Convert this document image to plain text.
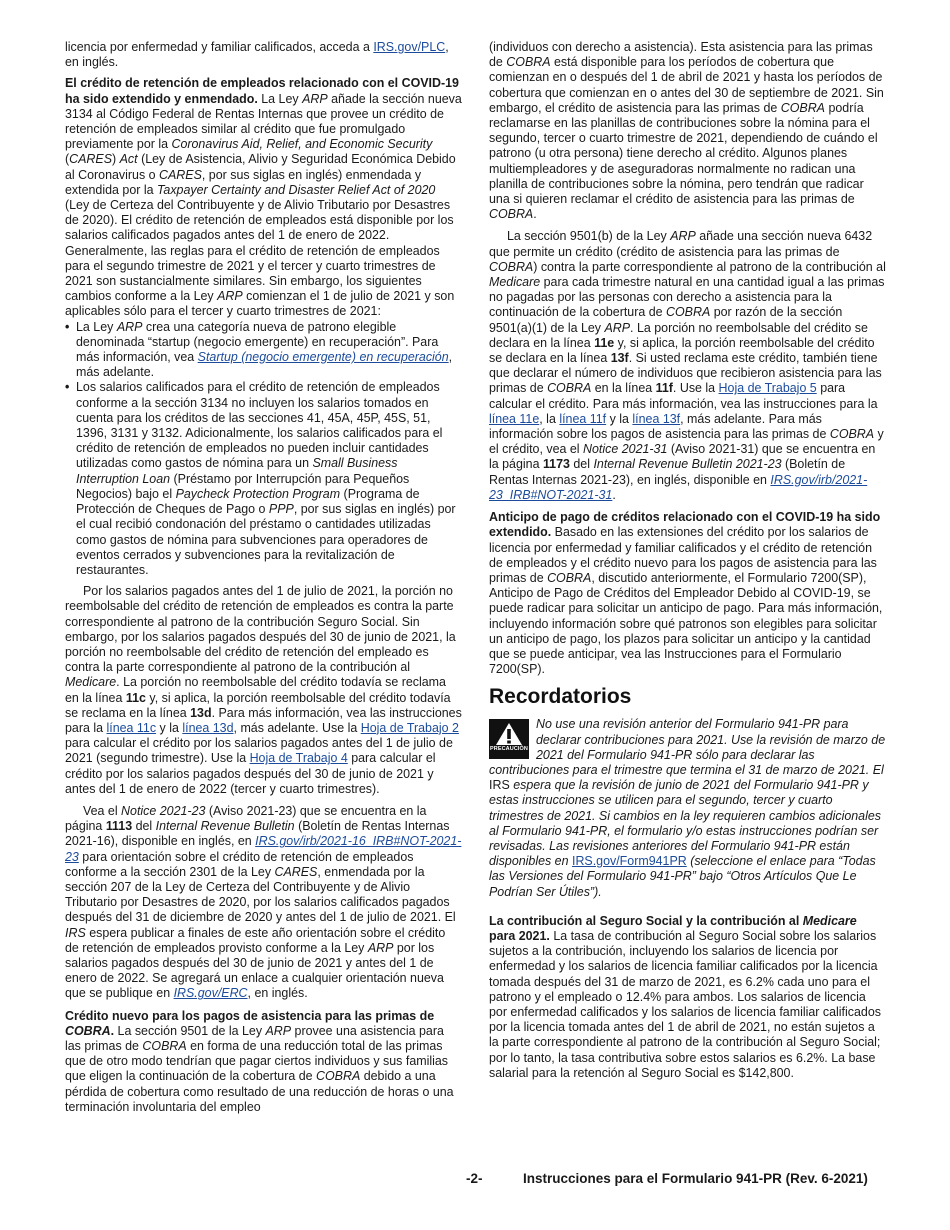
licencia por enfermedad y familiar calificados, acceda a IRS.gov/PLC, en inglés.

El crédito de retención de empleados relacionado con el COVID-19 ha sido extendido y enmendado. La Ley ARP añade la sección nueva 3134 al Código Federal de Rentas Internas que provee un crédito de retención de empleados similar al crédito que fue promulgado previamente por la Coronavirus Aid, Relief, and Economic Security (CARES) Act (Ley de Asistencia, Alivio y Seguridad Económica Debido al Coronavirus o CARES, por sus siglas en inglés) enmendada y extendida por la Taxpayer Certainty and Disaster Relief Act of 2020 (Ley de Certeza del Contribuyente y de Alivio Tributario por Desastres de 2020). El crédito de retención de empleados está disponible por los salarios calificados pagados antes del 1 de enero de 2022. Generalmente, las reglas para el crédito de retención de empleados para el segundo trimestre de 2021 y el tercer y cuarto trimestres de 2021 son sustancialmente similares. Sin embargo, los siguientes cambios conforme a la Ley ARP comienzan el 1 de julio de 2021 y son aplicables sólo para el tercer y cuarto trimestres de 2021:

• La Ley ARP crea una categoría nueva de patrono elegible denominada “startup (negocio emergente) en recuperación”. Para más información, vea Startup (negocio emergente) en recuperación, más adelante.
• Los salarios calificados para el crédito de retención de empleados conforme a la sección 3134 no incluyen los salarios tomados en cuenta para los créditos de las secciones 41, 45A, 45P, 45S, 51, 1396, 3131 y 3132. Adicionalmente, los salarios calificados para el crédito de retención de empleados no pueden incluir cantidades utilizadas como gastos de nómina para un Small Business Interruption Loan (Préstamo por Interrupción para Pequeños Negocios) bajo el Paycheck Protection Program (Programa de Protección de Cheques de Pago o PPP, por sus siglas en inglés) por el cual recibió condonación del préstamo o cantidades utilizadas como gastos de nómina para subvenciones para operadores de eventos cerrados y subvenciones para la revitalización de restaurantes.

Por los salarios pagados antes del 1 de julio de 2021, la porción no reembolsable del crédito de retención de empleados es contra la parte correspondiente al patrono de la contribución Seguro Social. Sin embargo, por los salarios pagados después del 30 de junio de 2021, la porción no reembolsable del crédito de retención del empleado es contra la parte correspondiente al patrono de la contribución al Medicare. La porción no reembolsable del crédito todavía se reclama en la línea 11c y, si aplica, la porción reembolsable del crédito todavía se reclama en la línea 13d. Para más información, vea las instrucciones para la línea 11c y la línea 13d, más adelante. Use la Hoja de Trabajo 2 para calcular el crédito por los salarios pagados antes del 1 de julio de 2021 (segundo trimestre). Use la Hoja de Trabajo 4 para calcular el crédito por los salarios pagados después del 30 de junio de 2021 y antes del 1 de enero de 2022 (tercer y cuarto trimestres).

Vea el Notice 2021-23 (Aviso 2021-23) que se encuentra en la página 1113 del Internal Revenue Bulletin (Boletín de Rentas Internas 2021-16), disponible en inglés, en IRS.gov/irb/2021-16_IRB#NOT-2021-23 para orientación sobre el crédito de retención de empleados conforme a la sección 2301 de la Ley CARES, enmendada por la sección 207 de la Ley de Certeza del Contribuyente y de Alivio Tributario por Desastres de 2020, por los salarios calificados pagados después del 31 de diciembre de 2020 y antes del 1 de julio de 2021. El IRS espera publicar a finales de este año orientación sobre el crédito de retención de empleados provisto conforme a la Ley ARP por los salarios pagados después del 30 de junio de 2021 y antes del 1 de enero de 2022. Se agregará un enlace a cualquier orientación nueva que se publique en IRS.gov/ERC, en inglés.

Crédito nuevo para los pagos de asistencia para las primas de COBRA. La sección 9501 de la Ley ARP provee una asistencia para las primas de COBRA en forma de una reducción total de las primas que de otro modo tendrían que pagar ciertos individuos y sus familias que eligen la continuación de la cobertura de COBRA debido a una pérdida de cobertura como resultado de una reducción de horas o una terminación involuntaria del empleo

(individuos con derecho a asistencia). Esta asistencia para las primas de COBRA está disponible para los períodos de cobertura que comienzan en o después del 1 de abril de 2021 y hasta los períodos de cobertura que comienzan en o antes del 30 de septiembre de 2021. Sin embargo, el crédito de asistencia para las primas de COBRA podría reclamarse en las planillas de contribuciones sobre la nómina para el segundo, tercer o cuarto trimestre de 2021, dependiendo de cuándo el patrono (u otra persona) tiene derecho al crédito. Algunos planes multiempleadores y de aseguradoras normalmente no radican una planilla de contribuciones sobre la nómina, pero tendrán que radicar una si quieren reclamar el crédito de asistencia para las primas de COBRA.

La sección 9501(b) de la Ley ARP añade una sección nueva 6432 que permite un crédito (crédito de asistencia para las primas de COBRA) contra la parte correspondiente al patrono de la contribución al Medicare para cada trimestre natural en una cantidad igual a las primas no pagadas por las personas con derecho a asistencia para la continuación de la cobertura de COBRA por razón de la sección 9501(a)(1) de la Ley ARP. La porción no reembolsable del crédito se declara en la línea 11e y, si aplica, la porción reembolsable del crédito se declara en la línea 13f. Si usted reclama este crédito, también tiene que declarar el número de individuos que recibieron asistencia para las primas de COBRA en la línea 11f. Use la Hoja de Trabajo 5 para calcular el crédito. Para más información, vea las instrucciones para la línea 11e, la línea 11f y la línea 13f, más adelante. Para más información sobre los pagos de asistencia para las primas de COBRA y el crédito, vea el Notice 2021-31 (Aviso 2021-31) que se encuentra en la página 1173 del Internal Revenue Bulletin 2021-23 (Boletín de Rentas Internas 2021-23), en inglés, disponible en IRS.gov/irb/2021-23_IRB#NOT-2021-31.

Anticipo de pago de créditos relacionado con el COVID-19 ha sido extendido. Basado en las extensiones del crédito por los salarios de licencia por enfermedad y familiar calificados y el crédito de retención de empleados y el crédito nuevo para los pagos de asistencia para las primas de COBRA, discutido anteriormente, el Formulario 7200(SP), Anticipo de Pago de Créditos del Empleador Debido al COVID-19, se puede radicar para solicitar un anticipo de pago. Para más información, incluyendo información sobre qué patronos son elegibles para solicitar un anticipo de pago, los plazos para solicitar un anticipo y la cantidad que se puede anticipar, vea las Instrucciones para el Formulario 7200(SP).

Recordatorios
PRECAUCIÓN
No use una revisión anterior del Formulario 941-PR para declarar contribuciones para 2021. Use la revisión de marzo de 2021 del Formulario 941-PR sólo para declarar las contribuciones para el trimestre que termina el 31 de marzo de 2021. El IRS espera que la revisión de junio de 2021 del Formulario 941-PR y estas instrucciones se utilicen para el segundo, tercer y cuarto trimestres de 2021. Si cambios en la ley requieren cambios adicionales al Formulario 941-PR, el formulario y/o estas instrucciones podrían ser revisadas. Las revisiones anteriores del Formulario 941-PR están disponibles en IRS.gov/Form941PR (seleccione el enlace para “Todas las Versiones del Formulario 941-PR” bajo “Otros Artículos Que Le Podrían Ser Útiles”).

La contribución al Seguro Social y la contribución al Medicare para 2021. La tasa de contribución al Seguro Social sobre los salarios sujetos a la contribución, incluyendo los salarios de licencia por enfermedad y los salarios de licencia familiar calificados por la licencia tomada después del 31 de marzo de 2021, es 6.2% cada uno para el patrono y el empleado o 12.4% para ambos. Los salarios de licencia por enfermedad calificados y los salarios de licencia familiar calificados por la licencia tomada antes del 1 de abril de 2021, no están sujetos a la parte correspondiente al patrono de la contribución al Seguro Social; por lo tanto, la tasa contributiva sobre estos salarios es 6.2%. La base salarial para la retención al Seguro Social es $142,800.

-2-	Instrucciones para el Formulario 941-PR (Rev. 6-2021)
